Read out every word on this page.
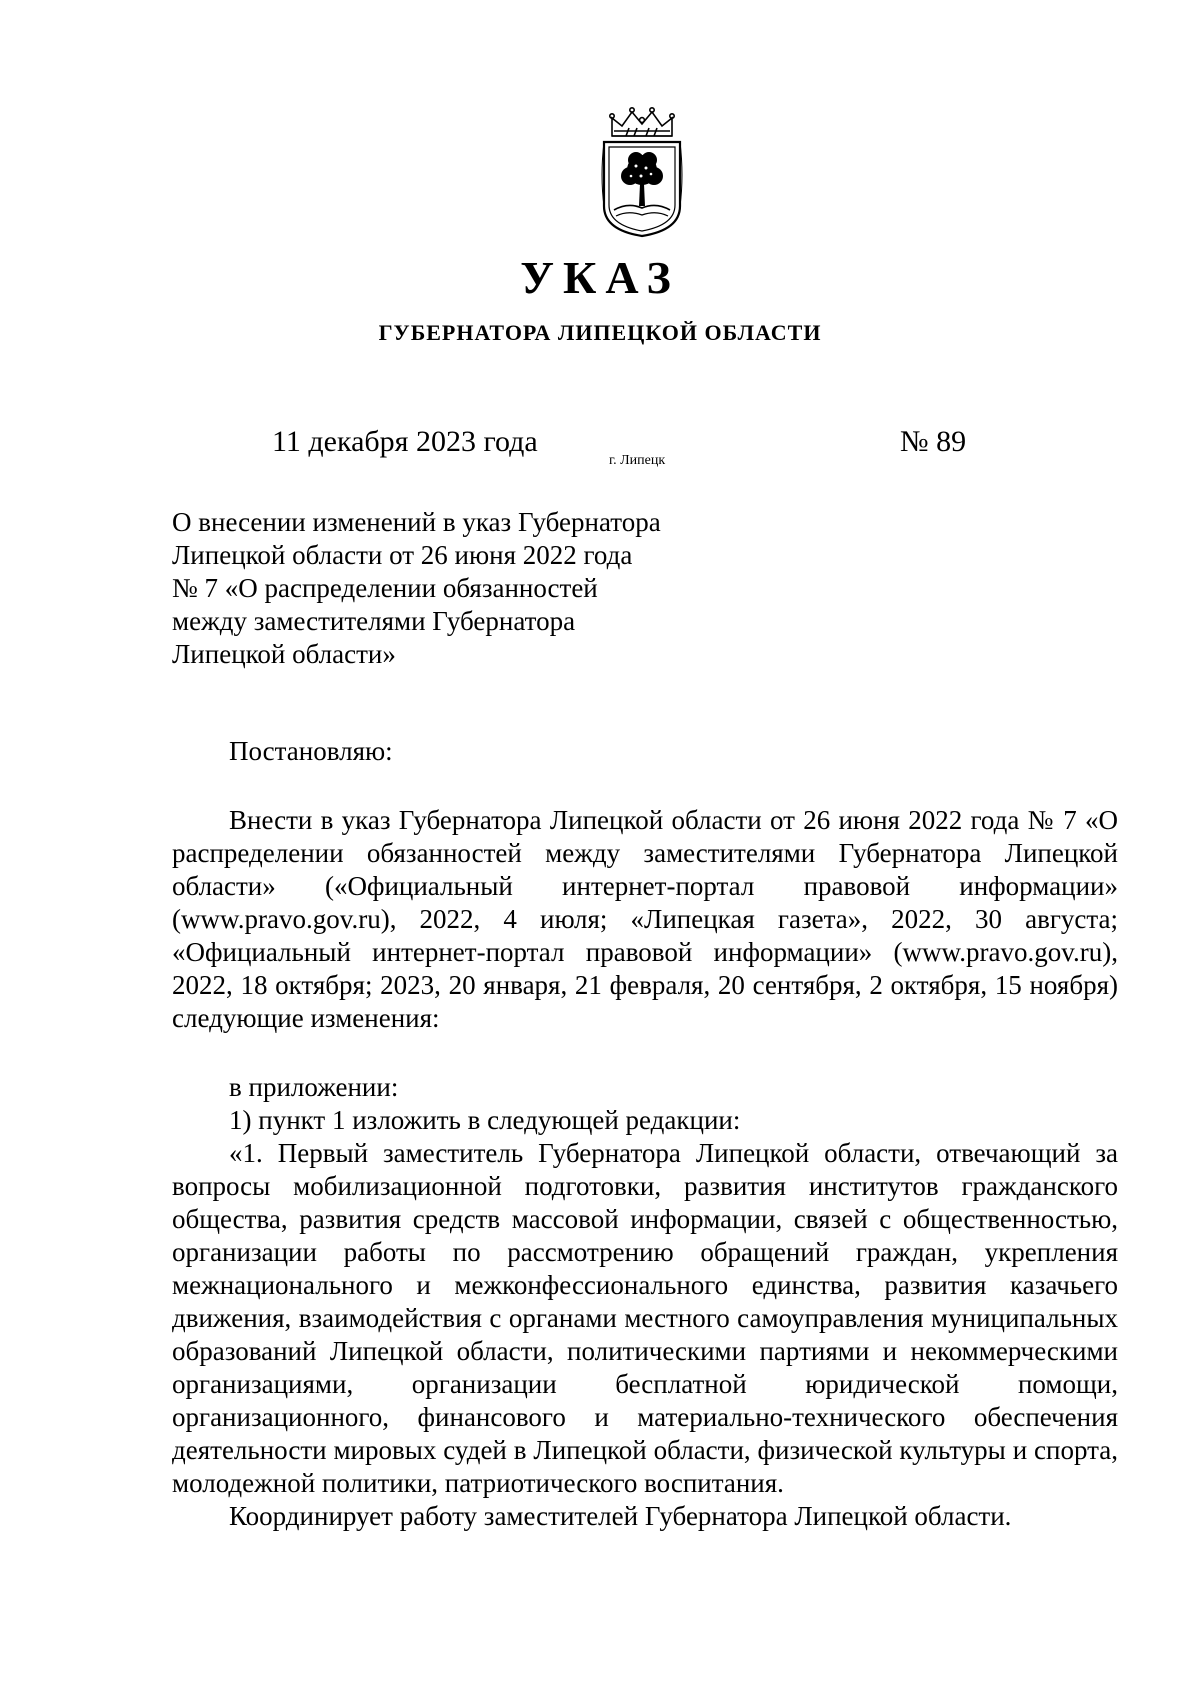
УКАЗ
ГУБЕРНАТОРА ЛИПЕЦКОЙ ОБЛАСТИ
11 декабря 2023 года
г. Липецк
№ 89
О внесении изменений в указ Губернатора
Липецкой области от 26 июня 2022 года
№ 7 «О распределении обязанностей
между заместителями Губернатора
Липецкой области»

Постановляю:

Внести в указ Губернатора Липецкой области от 26 июня 2022 года № 7 «О распределении обязанностей между заместителями Губернатора Липецкой области» («Официальный интернет-портал правовой информации» (www.pravo.gov.ru), 2022, 4 июля; «Липецкая газета», 2022, 30 августа; «Официальный интернет-портал правовой информации» (www.pravo.gov.ru), 2022, 18 октября; 2023, 20 января, 21 февраля, 20 сентября, 2 октября, 15 ноября) следующие изменения:

в приложении:

1) пункт 1 изложить в следующей редакции:

«1. Первый заместитель Губернатора Липецкой области, отвечающий за вопросы мобилизационной подготовки, развития институтов гражданского общества, развития средств массовой информации, связей с общественностью, организации работы по рассмотрению обращений граждан, укрепления межнационального и межконфессионального единства, развития казачьего движения, взаимодействия с органами местного самоуправления муниципальных образований Липецкой области, политическими партиями и некоммерческими организациями, организации бесплатной юридической помощи, организационного, финансового и материально-технического обеспечения деятельности мировых судей в Липецкой области, физической культуры и спорта, молодежной политики, патриотического воспитания.

Координирует работу заместителей Губернатора Липецкой области.
